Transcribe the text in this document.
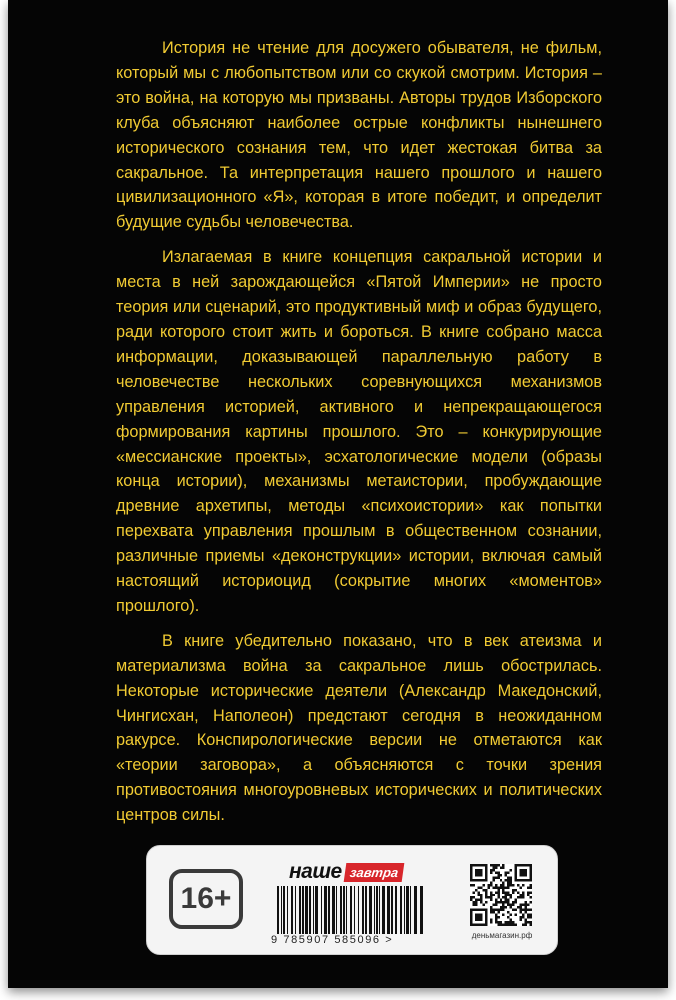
История не чтение для досужего обывателя, не фильм, который мы с любопытством или со скукой смотрим. История – это война, на которую мы призваны. Авторы трудов Изборского клуба объясняют наиболее острые конфликты нынешнего исторического сознания тем, что идет жестокая битва за сакральное. Та интерпретация нашего прошлого и нашего цивилизационного «Я», которая в итоге победит, и определит будущие судьбы человечества.

Излагаемая в книге концепция сакральной истории и места в ней зарождающейся «Пятой Империи» не просто теория или сценарий, это продуктивный миф и образ будущего, ради которого стоит жить и бороться. В книге собрано масса информации, доказывающей параллельную работу в человечестве нескольких соревнующихся механизмов управления историей, активного и непрекращающегося формирования картины прошлого. Это – конкурирующие «мессианские проекты», эсхатологические модели (образы конца истории), механизмы метаистории, пробуждающие древние архетипы, методы «психоистории» как попытки перехвата управления прошлым в общественном сознании, различные приемы «деконструкции» истории, включая самый настоящий историоцид (сокрытие многих «моментов» прошлого).

В книге убедительно показано, что в век атеизма и материализма война за сакральное лишь обострилась. Некоторые исторические деятели (Александр Македонский, Чингисхан, Наполеон) предстают сегодня в неожиданном ракурсе. Конспирологические версии не отметаются как «теории заговора», а объясняются с точки зрения противостояния многоуровневых исторических и политических центров силы.

16+
наше завтра
9 785907 585096 >	деньмагазин.рф
